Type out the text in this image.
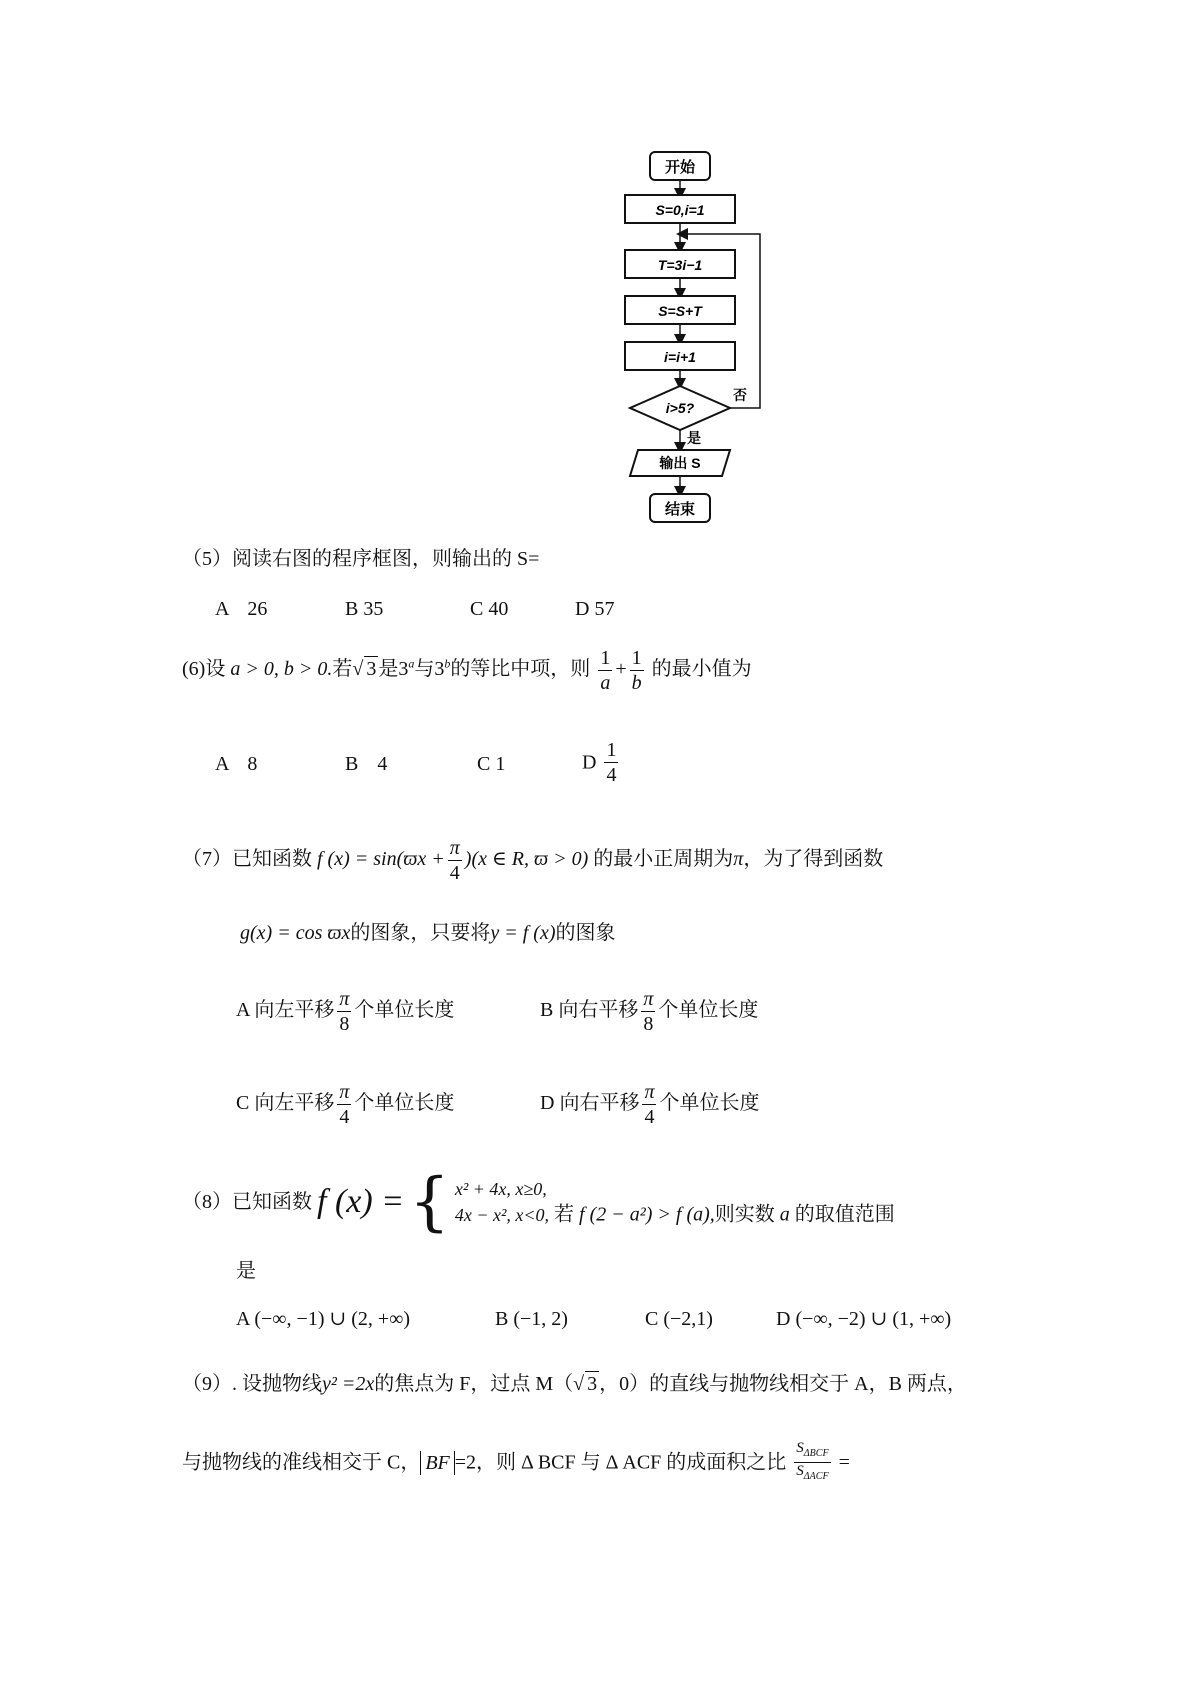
开始
S=0,i=1
T=3i−1
S=S+T
i=i+1
i>5?
否
是
输出 S
结束
（5）阅读右图的程序框图，则输出的 S=
A 26	B 35	C 40	D 57
(6)设 a > 0, b > 0.若√ 3 是3$^a$与3$^b$的等比中项，则 $\frac{1}{a} + \frac{1}{b}$ 的最小值为
A 8	B 4	C 1	D $\frac{1}{4}$
（7）已知函数 f $(x) = \sin(ϖx + \frac{\pi}{4} )(x$ ∈ R, ϖ > 0) 的最小正周期为π，为了得到函数
g(x) = cos ϖx的图象，只要将y = f (x)的图象
A 向左平移 $\frac{\pi}{8}$ 个单位长度	B 向右平移 $\frac{\pi}{8}$ 个单位长度
C 向左平移 $\frac{\pi}{4}$ 个单位长度	D 向右平移 $\frac{\pi}{4}$ 个单位长度
（8）已知函数 f (x) = { x² + 4x, x≥0,
4x − x², x<0, 若 f (2 − a²) > f (a),则实数 a 的取值范围
是
A (−∞, −1) ∪ (2, +∞)	B (−1, 2)	C (−2,1)	D (−∞, −2) ∪ (1, +∞)
（9）. 设抛物线y² =2x的焦点为 F，过点 M（√ 3 ，0）的直线与抛物线相交于 A，B 两点，
与抛物线的准线相交于 C， BF =2，则 Δ BCF 与 Δ ACF 的成面积之比 $\frac{S_{\Delta BCF}}{S_{\Delta ACF}}$ =
